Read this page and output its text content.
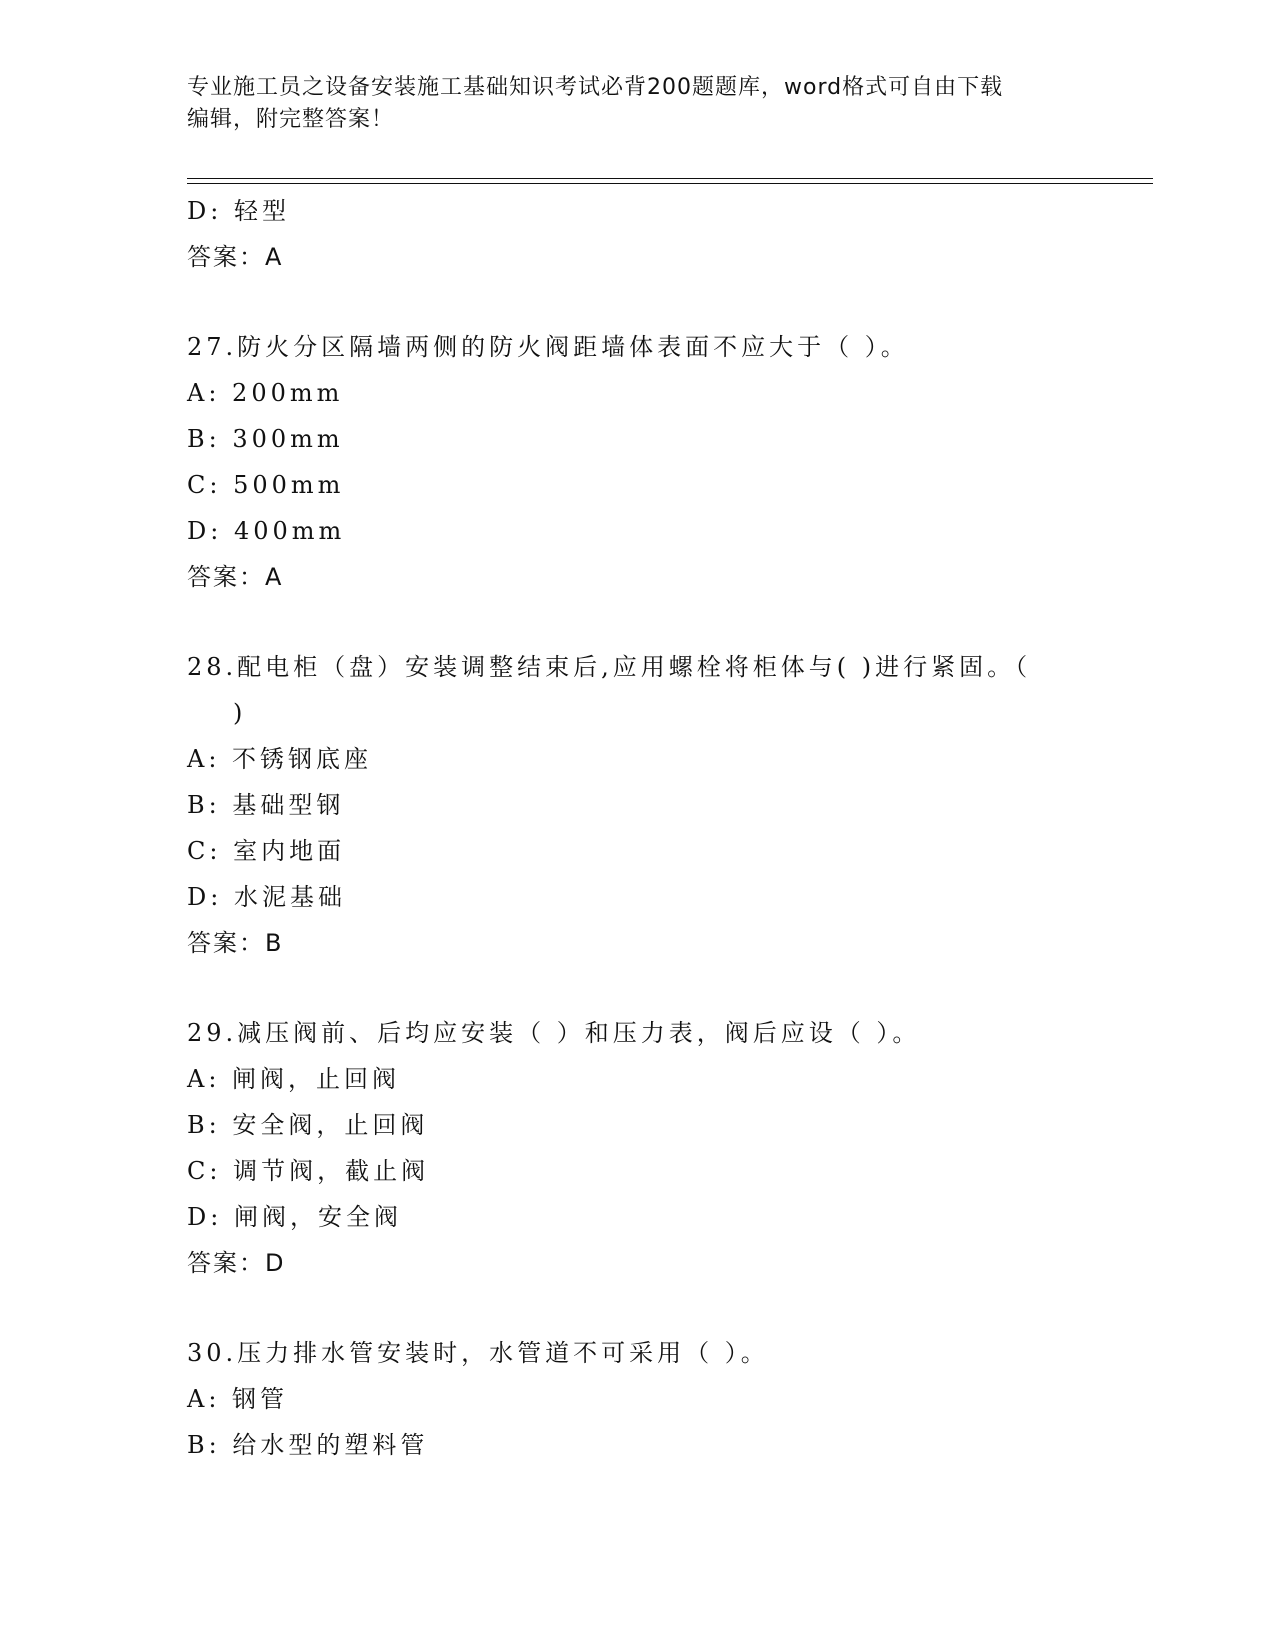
专业施工员之设备安装施工基础知识考试必背200题题库，word格式可自由下载
编辑，附完整答案！
D: 轻型
答案：A
27.防火分区隔墙两侧的防火阀距墙体表面不应大于（ ）。
A: 200mm
B: 300mm
C: 500mm
D: 400mm
答案：A
28.配电柜（盘）安装调整结束后,应用螺栓将柜体与( )进行紧固。（
)
A: 不锈钢底座
B: 基础型钢
C: 室内地面
D: 水泥基础
答案：B
29.减压阀前、后均应安装（ ）和压力表，阀后应设（ ）。
A: 闸阀，止回阀
B: 安全阀，止回阀
C: 调节阀，截止阀
D: 闸阀，安全阀
答案：D
30.压力排水管安装时，水管道不可采用（ ）。
A: 钢管
B: 给水型的塑料管
